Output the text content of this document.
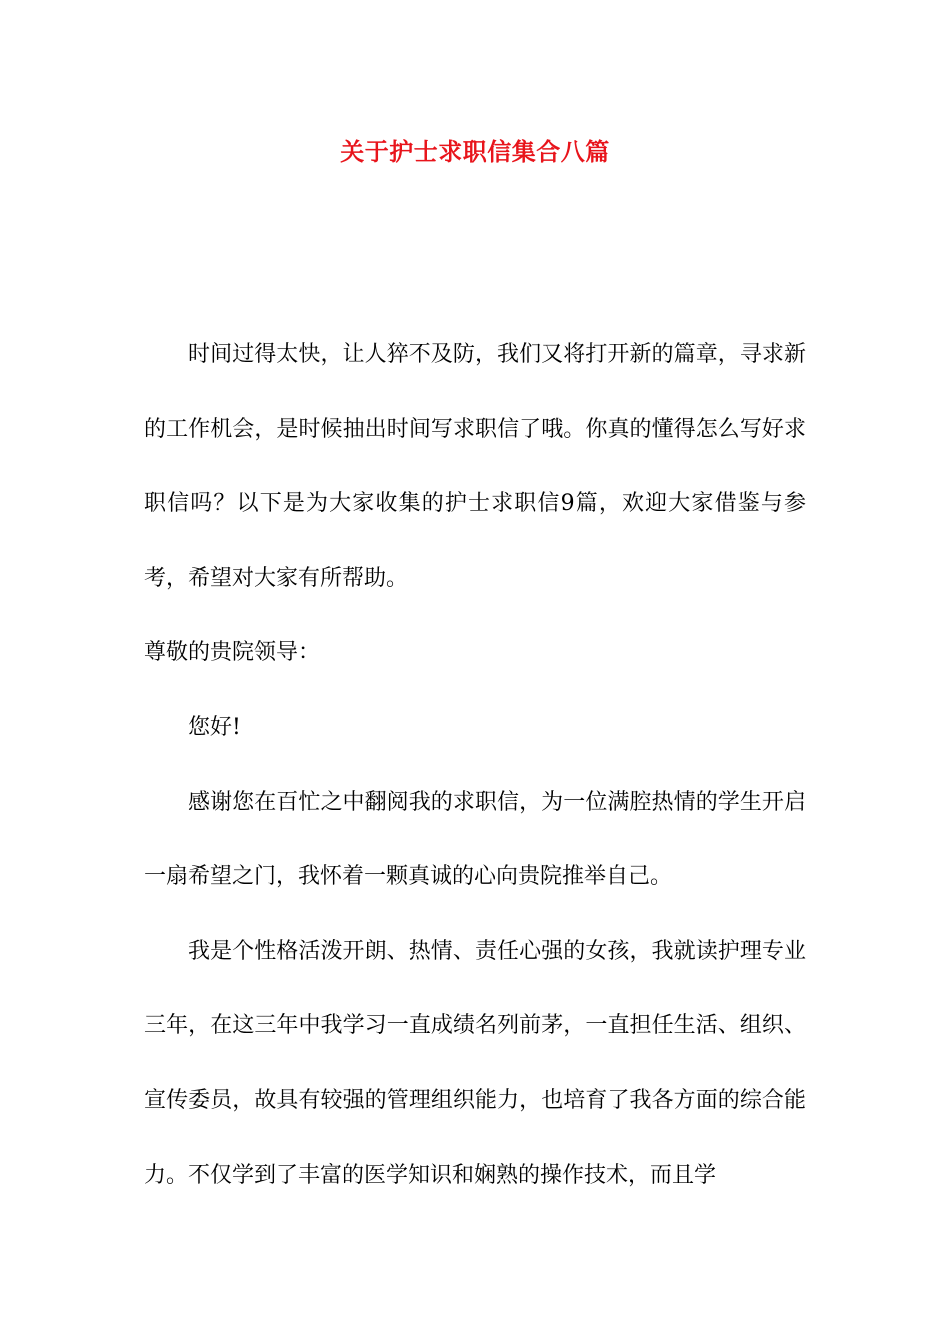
关于护士求职信集合八篇

时间过得太快，让人猝不及防，我们又将打开新的篇章，寻求新的工作机会，是时候抽出时间写求职信了哦。你真的懂得怎么写好求职信吗？以下是为大家收集的护士求职信9篇，欢迎大家借鉴与参考，希望对大家有所帮助。

尊敬的贵院领导：

您好!

感谢您在百忙之中翻阅我的求职信，为一位满腔热情的学生开启一扇希望之门，我怀着一颗真诚的心向贵院推举自己。

我是个性格活泼开朗、热情、责任心强的女孩，我就读护理专业三年，在这三年中我学习一直成绩名列前茅，一直担任生活、组织、宣传委员，故具有较强的管理组织能力，也培育了我各方面的综合能力。不仅学到了丰富的医学知识和娴熟的操作技术，而且学
